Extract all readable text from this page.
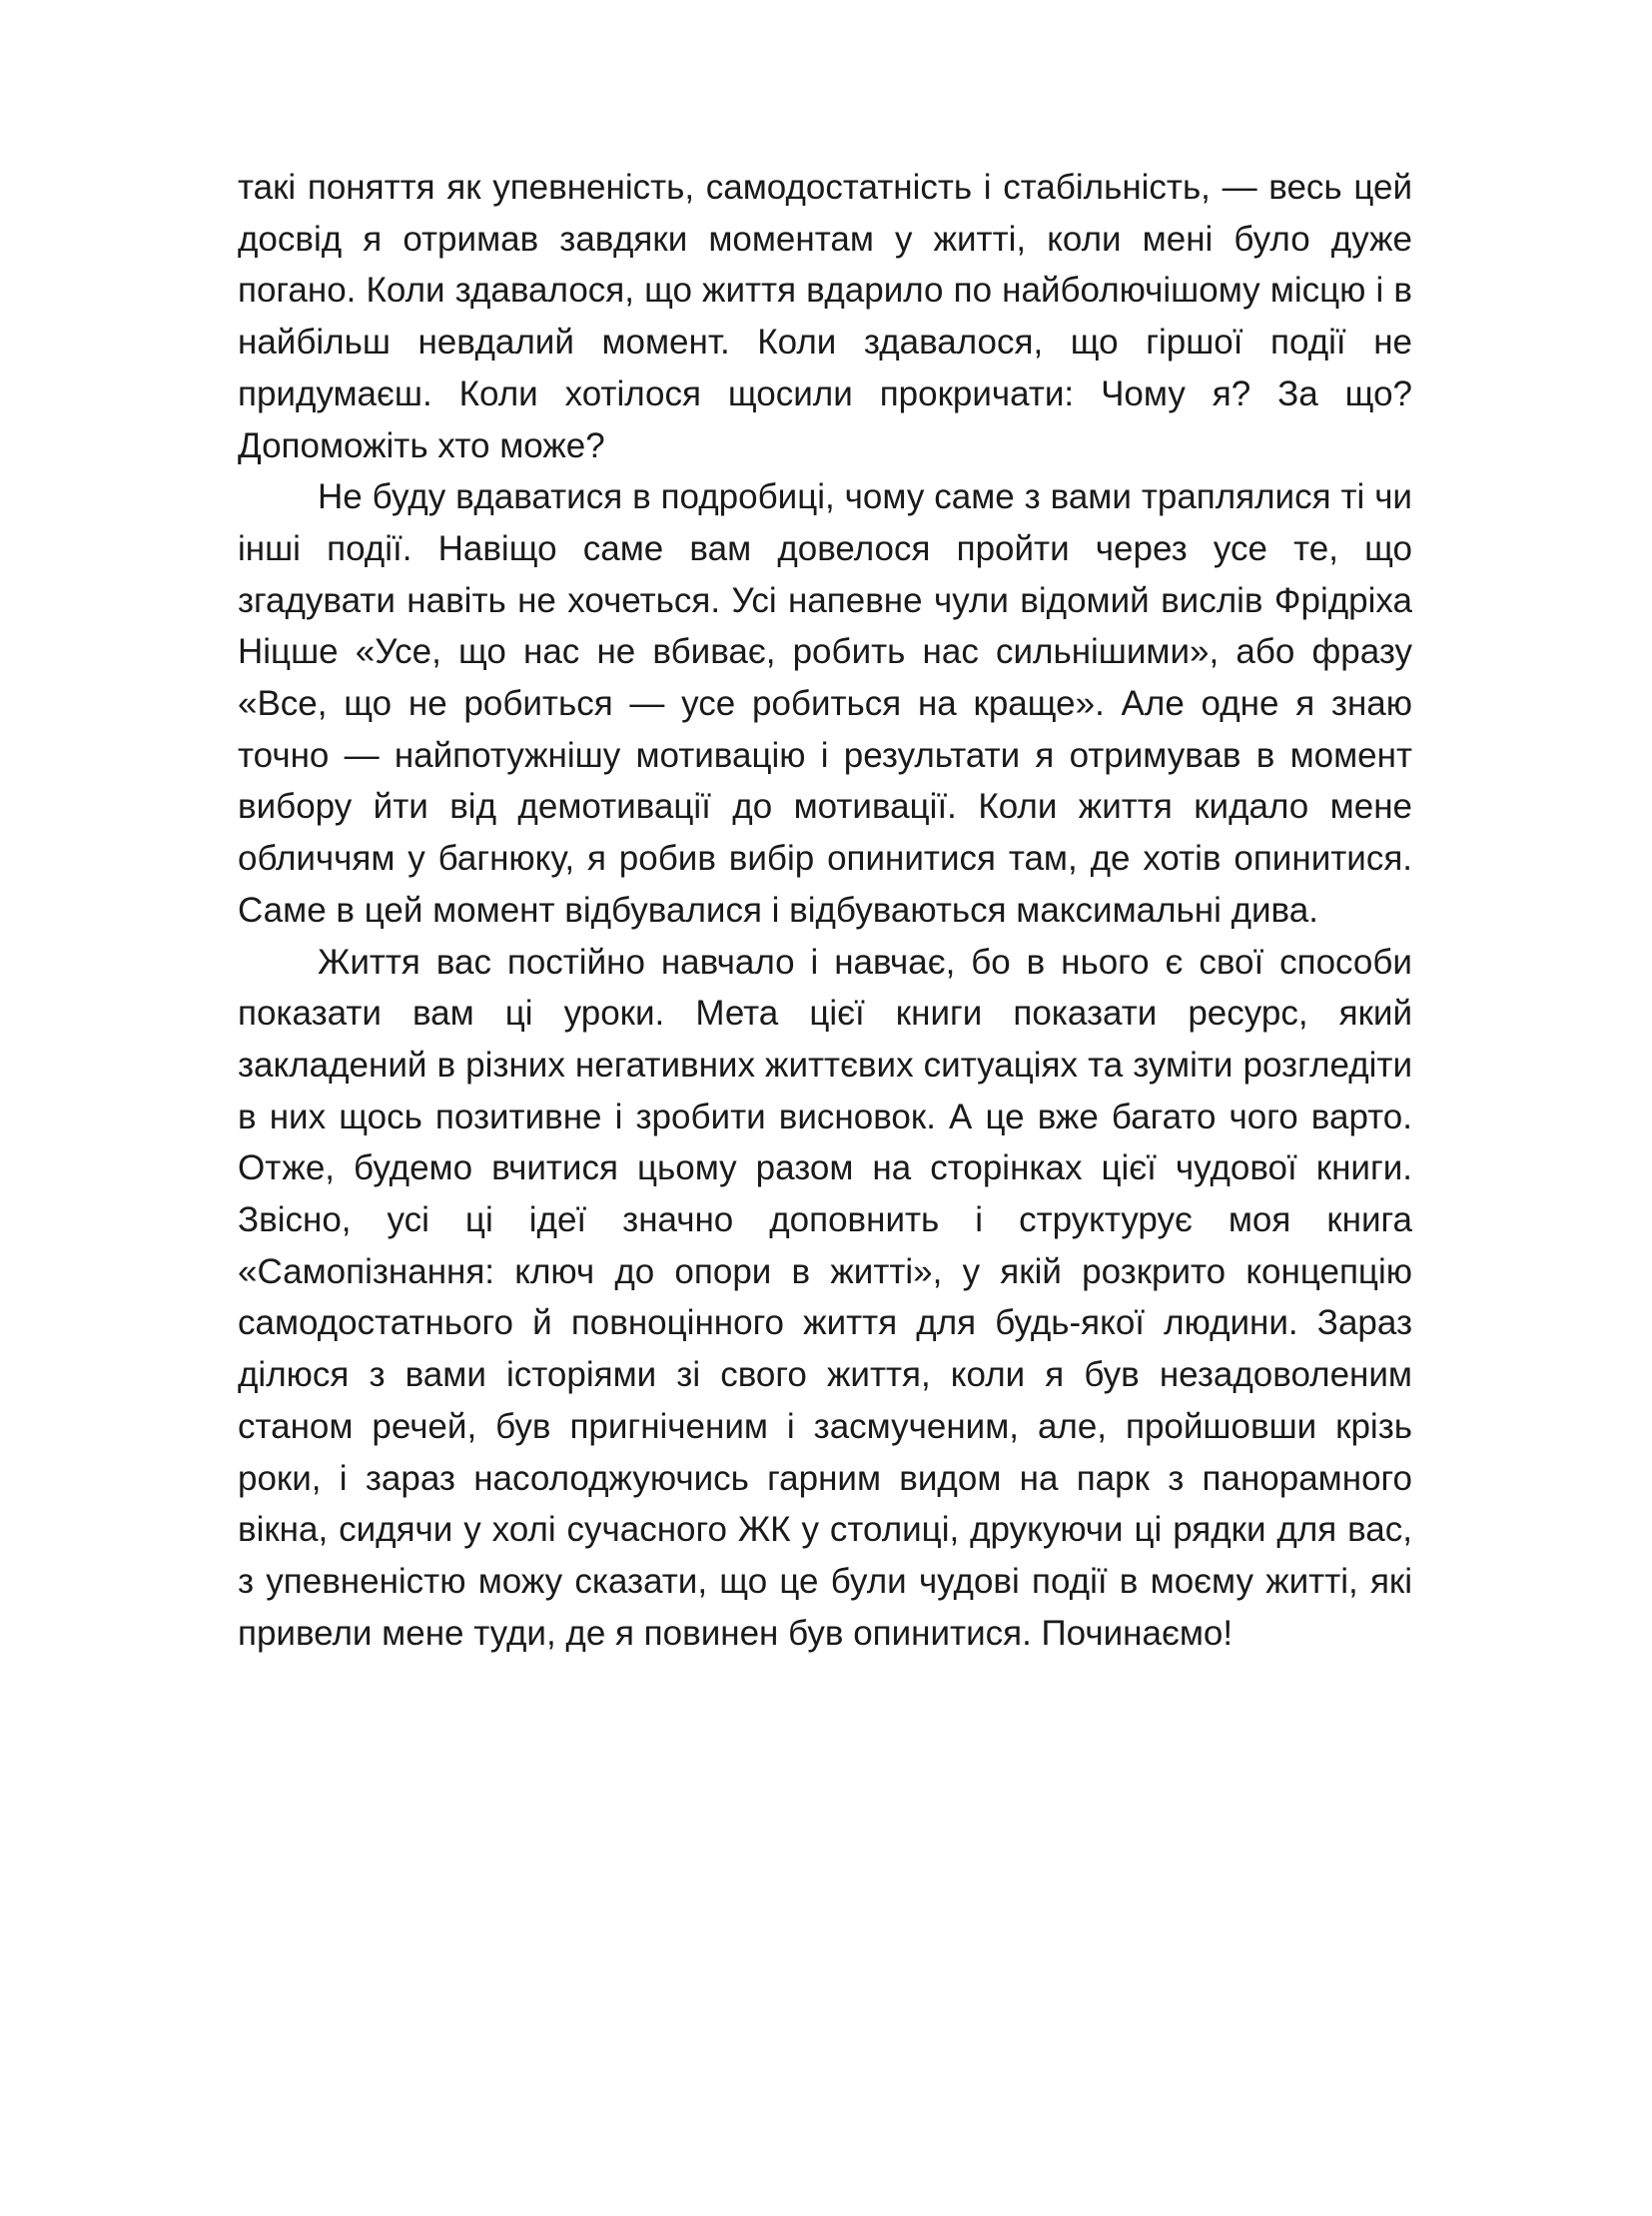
такі поняття як упевненість, самодостатність і стабільність, — весь цей досвід я отримав завдяки моментам у житті, коли мені було дуже погано. Коли здавалося, що життя вдарило по найболючішому місцю і в найбільш невдалий момент. Коли здавалося, що гіршої події не придумаєш. Коли хотілося щосили прокричати: Чому я? За що? Допоможіть хто може?

Не буду вдаватися в подробиці, чому саме з вами траплялися ті чи інші події. Навіщо саме вам довелося пройти через усе те, що згадувати навіть не хочеться. Усі напевне чули відомий вислів Фрідріха Ніцше «Усе, що нас не вбиває, робить нас сильнішими», або фразу «Все, що не робиться — усе робиться на краще». Але одне я знаю точно — найпотужнішу мотивацію і результати я отримував в момент вибору йти від демотивації до мотивації. Коли життя кидало мене обличчям у багнюку, я робив вибір опинитися там, де хотів опинитися. Саме в цей момент відбувалися і відбуваються максимальні дива.

Життя вас постійно навчало і навчає, бо в нього є свої способи показати вам ці уроки. Мета цієї книги показати ресурс, який закладений в різних негативних життєвих ситуаціях та зуміти розгледіти в них щось позитивне і зробити висновок. А це вже багато чого варто. Отже, будемо вчитися цьому разом на сторінках цієї чудової книги. Звісно, усі ці ідеї значно доповнить і структурує моя книга «Самопізнання: ключ до опори в житті», у якій розкрито концепцію самодостатнього й повноцінного життя для будь-якої людини. Зараз ділюся з вами історіями зі свого життя, коли я був незадоволеним станом речей, був пригніченим і засмученим, але, пройшовши крізь роки, і зараз насолоджуючись гарним видом на парк з панорамного вікна, сидячи у холі сучасного ЖК у столиці, друкуючи ці рядки для вас, з упевненістю можу сказати, що це були чудові події в моєму житті, які привели мене туди, де я повинен був опинитися. Починаємо!
